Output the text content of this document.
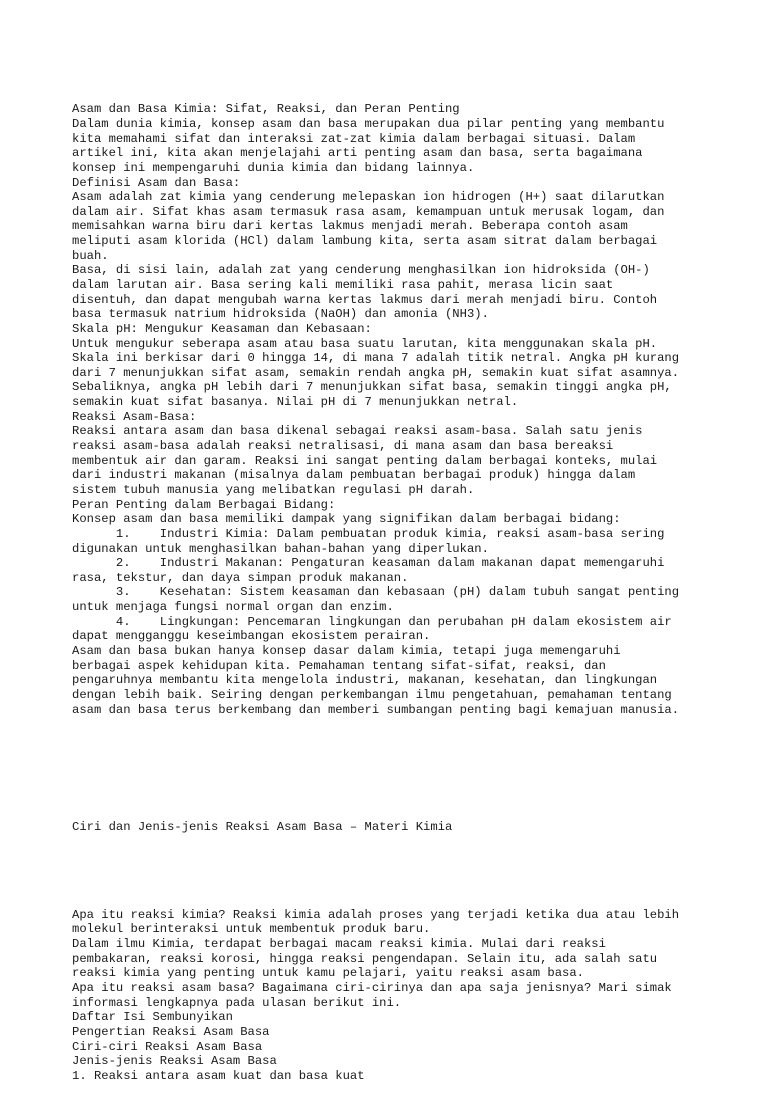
Asam dan Basa Kimia: Sifat, Reaksi, dan Peran Penting
Dalam dunia kimia, konsep asam dan basa merupakan dua pilar penting yang membantu
kita memahami sifat dan interaksi zat-zat kimia dalam berbagai situasi. Dalam
artikel ini, kita akan menjelajahi arti penting asam dan basa, serta bagaimana
konsep ini mempengaruhi dunia kimia dan bidang lainnya.
Definisi Asam dan Basa:
Asam adalah zat kimia yang cenderung melepaskan ion hidrogen (H+) saat dilarutkan
dalam air. Sifat khas asam termasuk rasa asam, kemampuan untuk merusak logam, dan
memisahkan warna biru dari kertas lakmus menjadi merah. Beberapa contoh asam
meliputi asam klorida (HCl) dalam lambung kita, serta asam sitrat dalam berbagai
buah.
Basa, di sisi lain, adalah zat yang cenderung menghasilkan ion hidroksida (OH-)
dalam larutan air. Basa sering kali memiliki rasa pahit, merasa licin saat
disentuh, dan dapat mengubah warna kertas lakmus dari merah menjadi biru. Contoh
basa termasuk natrium hidroksida (NaOH) dan amonia (NH3).
Skala pH: Mengukur Keasaman dan Kebasaan:
Untuk mengukur seberapa asam atau basa suatu larutan, kita menggunakan skala pH.
Skala ini berkisar dari 0 hingga 14, di mana 7 adalah titik netral. Angka pH kurang
dari 7 menunjukkan sifat asam, semakin rendah angka pH, semakin kuat sifat asamnya.
Sebaliknya, angka pH lebih dari 7 menunjukkan sifat basa, semakin tinggi angka pH,
semakin kuat sifat basanya. Nilai pH di 7 menunjukkan netral.
Reaksi Asam-Basa:
Reaksi antara asam dan basa dikenal sebagai reaksi asam-basa. Salah satu jenis
reaksi asam-basa adalah reaksi netralisasi, di mana asam dan basa bereaksi
membentuk air dan garam. Reaksi ini sangat penting dalam berbagai konteks, mulai
dari industri makanan (misalnya dalam pembuatan berbagai produk) hingga dalam
sistem tubuh manusia yang melibatkan regulasi pH darah.
Peran Penting dalam Berbagai Bidang:
Konsep asam dan basa memiliki dampak yang signifikan dalam berbagai bidang:
1.    Industri Kimia: Dalam pembuatan produk kimia, reaksi asam-basa sering
digunakan untuk menghasilkan bahan-bahan yang diperlukan.
2.    Industri Makanan: Pengaturan keasaman dalam makanan dapat memengaruhi
rasa, tekstur, dan daya simpan produk makanan.
3.    Kesehatan: Sistem keasaman dan kebasaan (pH) dalam tubuh sangat penting
untuk menjaga fungsi normal organ dan enzim.
4.    Lingkungan: Pencemaran lingkungan dan perubahan pH dalam ekosistem air
dapat mengganggu keseimbangan ekosistem perairan.
Asam dan basa bukan hanya konsep dasar dalam kimia, tetapi juga memengaruhi
berbagai aspek kehidupan kita. Pemahaman tentang sifat-sifat, reaksi, dan
pengaruhnya membantu kita mengelola industri, makanan, kesehatan, dan lingkungan
dengan lebih baik. Seiring dengan perkembangan ilmu pengetahuan, pemahaman tentang
asam dan basa terus berkembang dan memberi sumbangan penting bagi kemajuan manusia.

Ciri dan Jenis-jenis Reaksi Asam Basa – Materi Kimia

Apa itu reaksi kimia? Reaksi kimia adalah proses yang terjadi ketika dua atau lebih
molekul berinteraksi untuk membentuk produk baru.
Dalam ilmu Kimia, terdapat berbagai macam reaksi kimia. Mulai dari reaksi
pembakaran, reaksi korosi, hingga reaksi pengendapan. Selain itu, ada salah satu
reaksi kimia yang penting untuk kamu pelajari, yaitu reaksi asam basa.
Apa itu reaksi asam basa? Bagaimana ciri-cirinya dan apa saja jenisnya? Mari simak
informasi lengkapnya pada ulasan berikut ini.
Daftar Isi Sembunyikan
Pengertian Reaksi Asam Basa
Ciri-ciri Reaksi Asam Basa
Jenis-jenis Reaksi Asam Basa
1. Reaksi antara asam kuat dan basa kuat
